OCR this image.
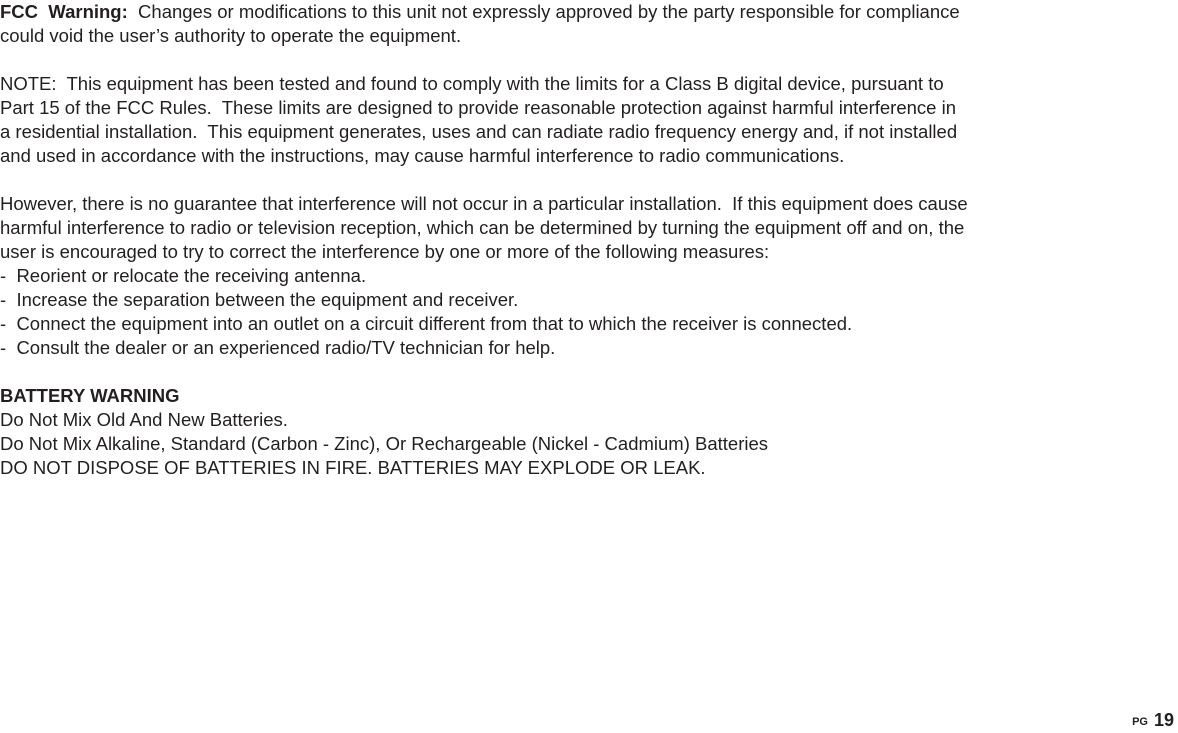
FCC  Warning:  Changes or modifications to this unit not expressly approved by the party responsible for compliance
could void the user’s authority to operate the equipment.
NOTE:  This equipment has been tested and found to comply with the limits for a Class B digital device, pursuant to
Part 15 of the FCC Rules.  These limits are designed to provide reasonable protection against harmful interference in
a residential installation.  This equipment generates, uses and can radiate radio frequency energy and, if not installed
and used in accordance with the instructions, may cause harmful interference to radio communications.
However, there is no guarantee that interference will not occur in a particular installation.  If this equipment does cause
harmful interference to radio or television reception, which can be determined by turning the equipment off and on, the
user is encouraged to try to correct the interference by one or more of the following measures:
-  Reorient or relocate the receiving antenna.
-  Increase the separation between the equipment and receiver.
-  Connect the equipment into an outlet on a circuit different from that to which the receiver is connected.
-  Consult the dealer or an experienced radio/TV technician for help.
BATTERY WARNING
Do Not Mix Old And New Batteries.
Do Not Mix Alkaline, Standard (Carbon - Zinc), Or Rechargeable (Nickel - Cadmium) Batteries
DO NOT DISPOSE OF BATTERIES IN FIRE. BATTERIES MAY EXPLODE OR LEAK.
PG 19
